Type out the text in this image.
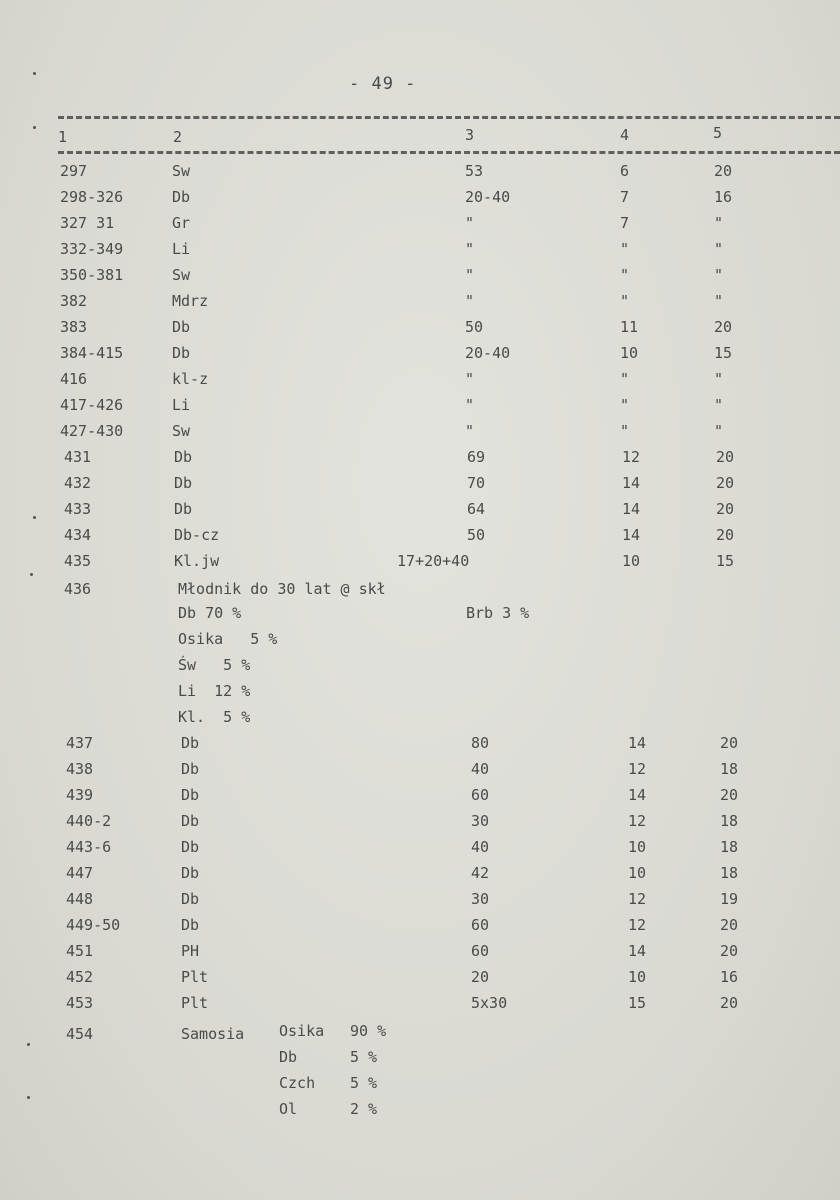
- 49 -
1	2	3	4	5
297	Sw	53	6	20
298-326	Db	20-40	7	16
327 31	Gr	"	7	"
332-349	Li	"	"	"
350-381	Sw	"	"	"
382	Mdrz	"	"	"
383	Db	50	11	20
384-415	Db	20-40	10	15
416	kl-z	"	"	"
417-426	Li	"	"	"
427-430	Sw	"	"	"
431	Db	69	12	20
432	Db	70	14	20
433	Db	64	14	20
434	Db-cz	50	14	20
435	Kl.jw	17+20+40	10	15
436	Młodnik do 30 lat @ skł
Db 70 %	Brb 3 %
Osika   5 %
Św   5 %
Li  12 %
Kl.  5 %
437	Db	80	14	20
438	Db	40	12	18
439	Db	60	14	20
440-2	Db	30	12	18
443-6	Db	40	10	18
447	Db	42	10	18
448	Db	30	12	19
449-50	Db	60	12	20
451	PH	60	14	20
452	Plt	20	10	16
453	Plt	5x30	15	20
454	Samosia Osika 90 %
Db	5 %
Czch 5 %
Ol	2 %
